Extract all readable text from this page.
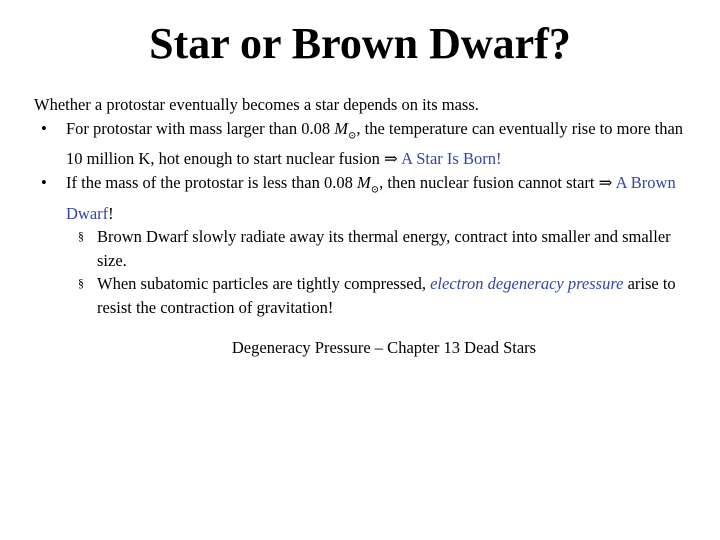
Star or Brown Dwarf?

Whether a protostar eventually becomes a star depends on its mass.

• For protostar with mass larger than 0.08 $M_⊙$, the temperature can eventually rise to more than 10 million K, hot enough to start nuclear fusion ⇒ A Star Is Born!
• If the mass of the protostar is less than 0.08 $M_⊙$, then nuclear fusion cannot start ⇒ A Brown Dwarf!
§ Brown Dwarf slowly radiate away its thermal energy, contract into smaller and smaller size.
§ When subatomic particles are tightly compressed, electron degeneracy pressure arise to resist the contraction of gravitation!
Degeneracy Pressure – Chapter 13 Dead Stars
